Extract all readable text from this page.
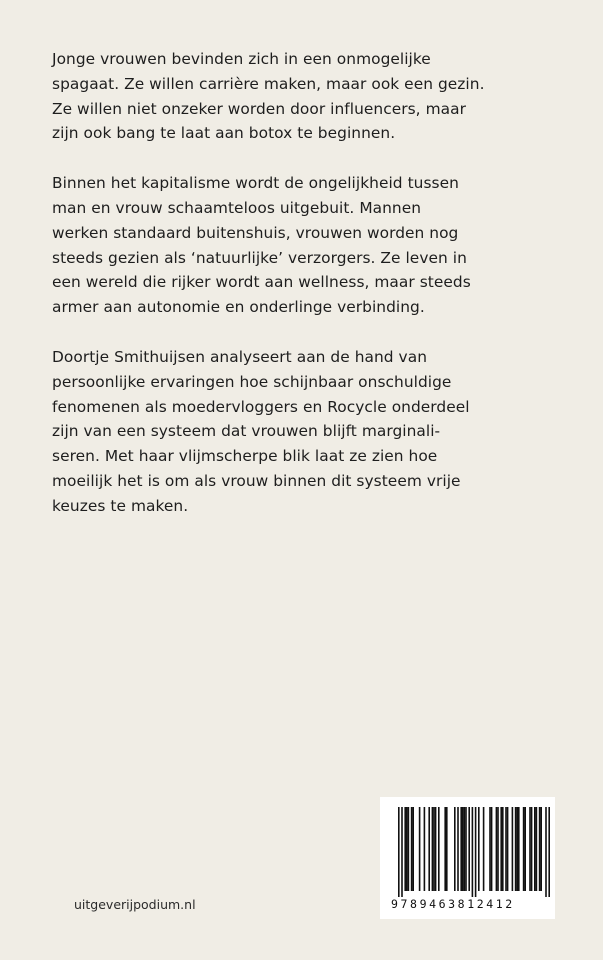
Jonge vrouwen bevinden zich in een onmogelijke
spagaat. Ze willen carrière maken, maar ook een gezin.
Ze willen niet onzeker worden door influencers, maar
zijn ook bang te laat aan botox te beginnen.

Binnen het kapitalisme wordt de ongelijkheid tussen
man en vrouw schaamteloos uitgebuit. Mannen
werken standaard buitenshuis, vrouwen worden nog
steeds gezien als ‘natuurlijke’ verzorgers. Ze leven in
een wereld die rijker wordt aan wellness, maar steeds
armer aan autonomie en onderlinge verbinding.

Doortje Smithuijsen analyseert aan de hand van
persoonlijke ervaringen hoe schijnbaar onschuldige
fenomenen als moedervloggers en Rocycle onderdeel
zijn van een systeem dat vrouwen blijft marginali-
seren. Met haar vlijmscherpe blik laat ze zien hoe
moeilijk het is om als vrouw binnen dit systeem vrije
keuzes te maken.

uitgeverijpodium.nl	9789463812412
